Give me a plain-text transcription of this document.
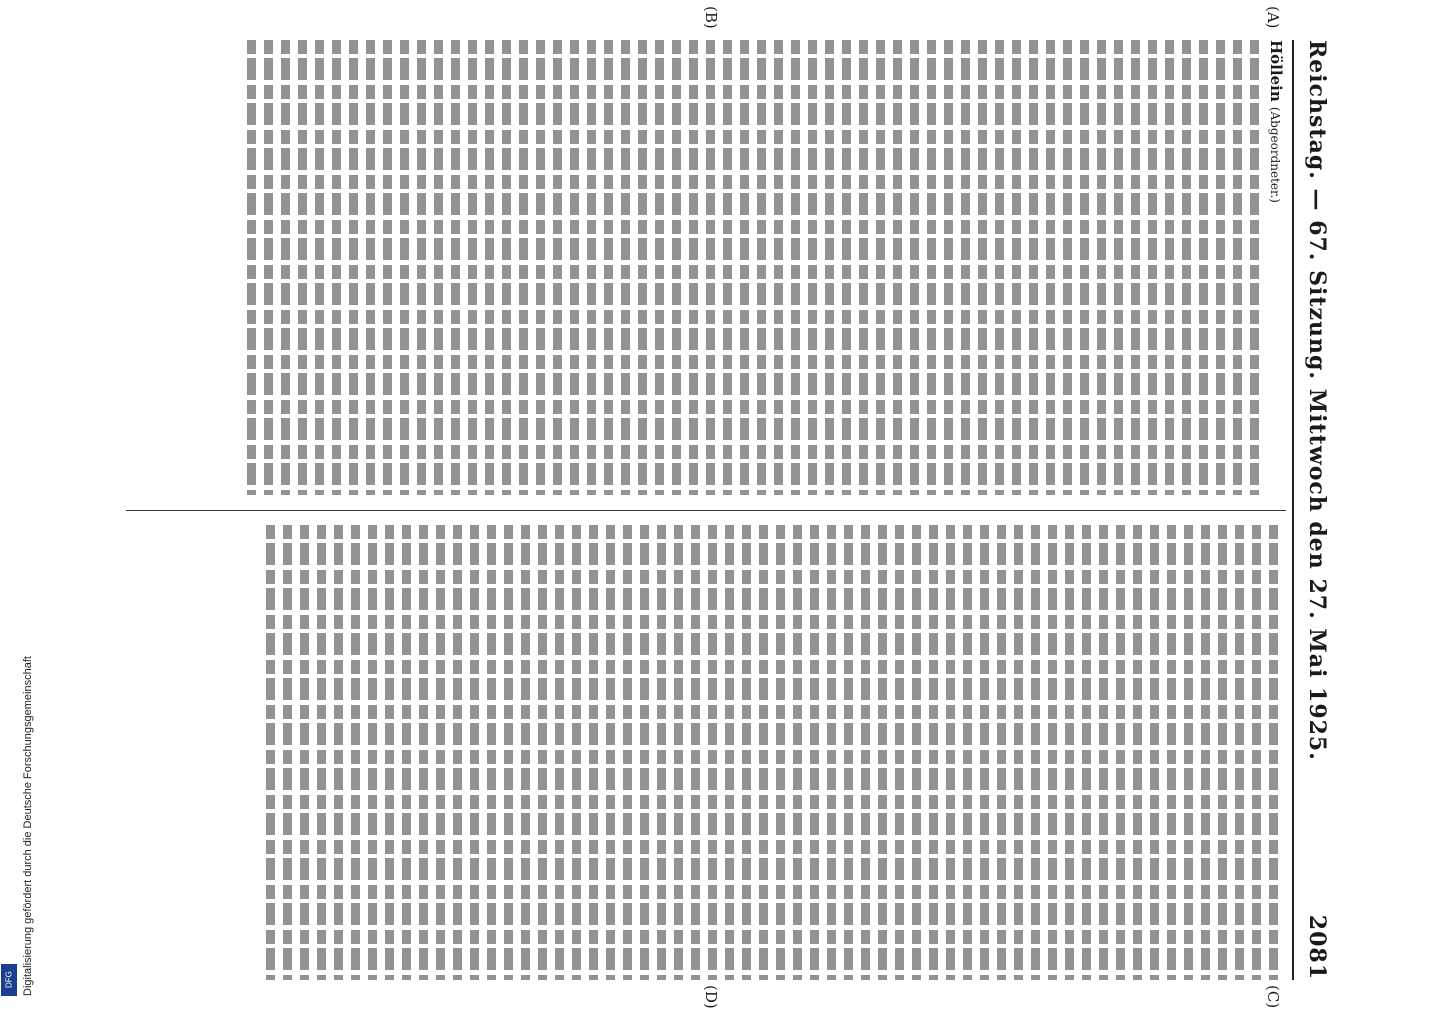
Reichstag. — 67. Sitzung. Mittwoch den 27. Mai 1925.
2081
Höllein (Abgeordneter.)
(A)
(B)
(C)
(D)
Digitalisierung gefördert durch die Deutsche Forschungsgemeinschaft
DFG
